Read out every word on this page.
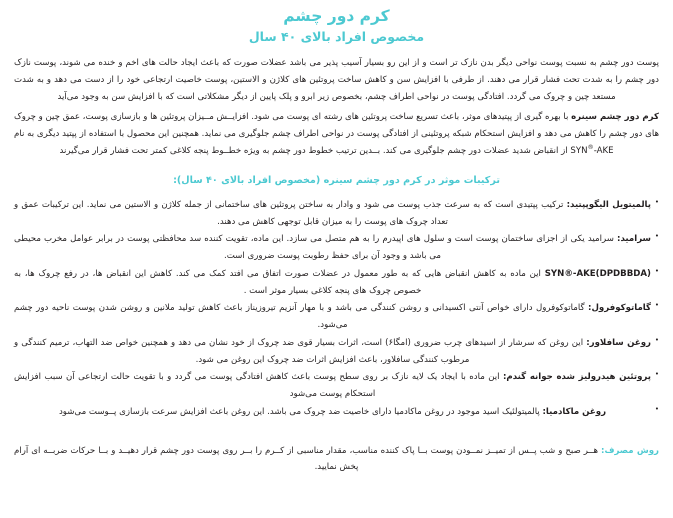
کرم دور چشم
مخصوص افراد بالای ۴۰ سال

پوست دور چشم به نسبت پوست نواحی دیگر بدن نازک تر است و از این رو بسیار آسیب پذیر می باشد عضلات صورت که باعث ایجاد حالت های اخم و خنده می شوند، پوست نازک دور چشم را به شدت تحت فشار قرار می دهند. از طرفی با افزایش سن و کاهش ساخت پروتئین های کلاژن و الاستین، پوست خاصیت ارتجاعی خود را از دست می دهد و به شدت مستعد چین و چروک می گردد. افتادگی پوست در نواحی اطراف چشم، بخصوص زیر ابرو و پلک پایین از دیگر مشکلاتی است که با افزایش سن به وجود می‌آید

کرم دور چشم سینره با بهره گیری از پپتیدهای موثر، باعث تسریع ساخت پروتئین های رشته ای پوست می شود. افزایــش مــیزان پروتئین ها و بازسازی پوست، عمق چین و چروک های دور چشم را کاهش می دهد و افزایش استحکام شبکه پروتئینی از افتادگی پوست در نواحی اطراف چشم جلوگیری می نماید. همچنین این محصول با استفاده از پپتید دیگری به نام SYN®-AKE از انقباض شدید عضلات دور چشم جلوگیری می کند. بــدین ترتیب خطوط دور چشم به ویژه خطــوط پنجه کلاغی کمتر تحت فشار قرار می‌گیرند

ترکیبات موثر در کرم دور چشم سینره (مخصوص افراد بالای ۴۰ سال):
• پالمیتویل الیگوپپتید: ترکیب پپتیدی است که به سرعت جذب پوست می شود و وادار به ساختن پروتئین های ساختمانی از جمله کلاژن و الاستین می نماید. این ترکیبات عمق و تعداد چروک های پوست را به میزان قابل توجهی کاهش می دهند.
• سرامید: سرامید یکی از اجزای ساختمان پوست است و سلول های اپیدرم را به هم متصل می سازد. این ماده، تقویت کننده سد محافظتی پوست در برابر عوامل مخرب محیطی می باشد و وجود آن برای حفظ رطوبت پوست ضروری است.
• SYN®-AKE(DPDBBDA) این ماده به کاهش انقباض هایی که به طور معمول در عضلات صورت اتفاق می افتد کمک می کند. کاهش این انقباض ها، در رفع چروک ها، به خصوص چروک های پنجه کلاغی بسیار موثر است .
• گاماتوکوفرول: گاماتوکوفرول دارای خواص آنتی اکسیدانی و روشن کنندگی می باشد و با مهار آنزیم تیروزیناز باعث کاهش تولید ملانین و روشن شدن پوست ناحیه دور چشم می‌شود.
• روغن سافلاور: این روغن که سرشار از اسیدهای چرب ضروری (امگا۶) است، اثرات بسیار قوی ضد چروک از خود نشان می دهد و همچنین خواص ضد التهاب، ترمیم کنندگی و مرطوب کنندگی سافلاور، باعث افزایش اثرات ضد چروک این روغن می شود.
• پروتئین هیدرولیز شده جوانه گندم: این ماده با ایجاد یک لایه نازک بر روی سطح پوست باعث کاهش افتادگی پوست می گردد و با تقویت حالت ارتجاعی آن سبب افزایش استحکام پوست می‌شود
• روغن ماکادمیا: پالمیتولئیک اسید موجود در روغن ماکادمیا دارای خاصیت ضد چروک می باشد. این روغن باعث افزایش سرعت بازسازی پــوست می‌شود

روش مصرف: هــر صبح و شب پــس از تمیــز نمــودن پوست بــا پاک کننده مناسب، مقدار مناسبی از کــرم را بــر روی پوست دور چشم قرار دهیــد و بــا حرکات ضربــه ای آرام پخش نمایید.
